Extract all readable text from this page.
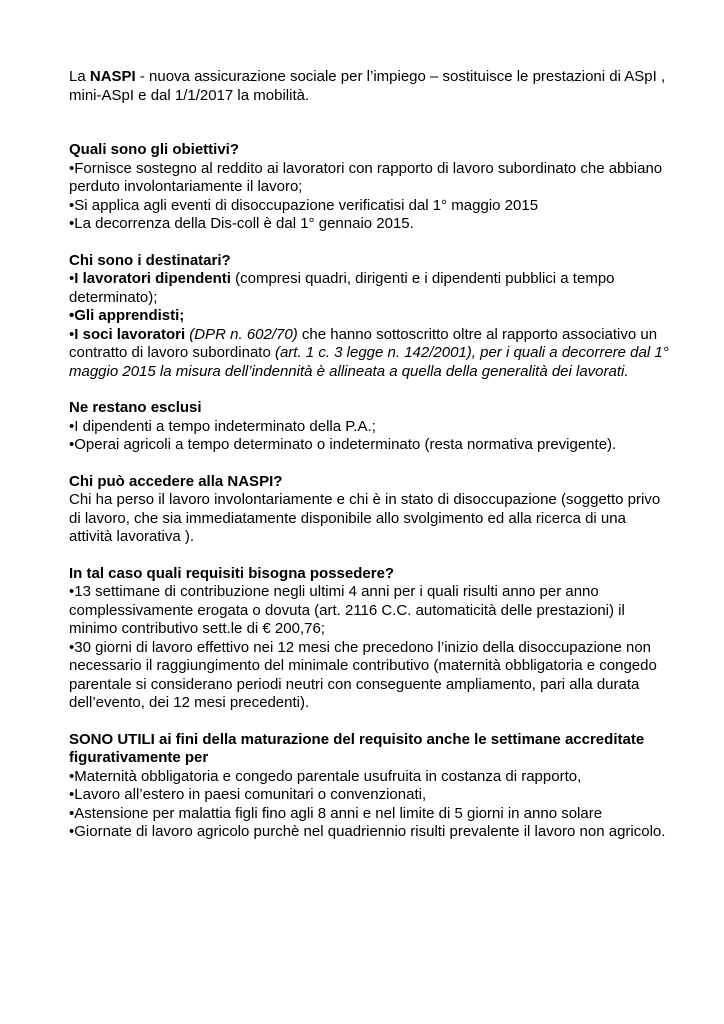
La NASPI - nuova assicurazione sociale per l’impiego – sostituisce le prestazioni di ASpI , mini-ASpI e dal 1/1/2017 la mobilità.

Quali sono gli obiettivi?

• Fornisce sostegno al reddito ai lavoratori con rapporto di lavoro subordinato che abbiano perduto involontariamente il lavoro;

• Si applica agli eventi di disoccupazione verificatisi dal 1° maggio 2015

• La decorrenza della Dis-coll è dal 1° gennaio 2015.

Chi sono i destinatari?

• I lavoratori dipendenti (compresi quadri, dirigenti e i dipendenti pubblici a tempo determinato);

• Gli apprendisti;

• I soci lavoratori (DPR n. 602/70) che hanno sottoscritto oltre al rapporto associativo un contratto di lavoro subordinato (art. 1 c. 3 legge n. 142/2001), per i quali a decorrere dal 1° maggio 2015 la misura dell’indennità è allineata a quella della generalità dei lavorati.

Ne restano esclusi

• I dipendenti a tempo indeterminato della P.A.;

• Operai agricoli a tempo determinato o indeterminato (resta normativa previgente).

Chi può accedere alla NASPI?

Chi ha perso il lavoro involontariamente e chi è in stato di disoccupazione (soggetto privo di lavoro, che sia immediatamente disponibile allo svolgimento ed alla ricerca di una attività lavorativa ).

In tal caso quali requisiti bisogna possedere?

• 13 settimane di contribuzione negli ultimi 4 anni per i quali risulti anno per anno complessivamente erogata o dovuta (art. 2116 C.C. automaticità delle prestazioni) il minimo contributivo sett.le di € 200,76;

• 30 giorni di lavoro effettivo nei 12 mesi che precedono l’inizio della disoccupazione non necessario il raggiungimento del minimale contributivo (maternità obbligatoria e congedo parentale si considerano periodi neutri con conseguente ampliamento, pari alla durata dell’evento, dei 12 mesi precedenti).

SONO UTILI ai fini della maturazione del requisito anche le settimane accreditate figurativamente per

• Maternità obbligatoria e congedo parentale usufruita in costanza di rapporto,

• Lavoro all’estero in paesi comunitari o convenzionati,

• Astensione per malattia figli fino agli 8 anni e nel limite di 5 giorni in anno solare

• Giornate di lavoro agricolo purchè nel quadriennio risulti prevalente il lavoro non agricolo.
